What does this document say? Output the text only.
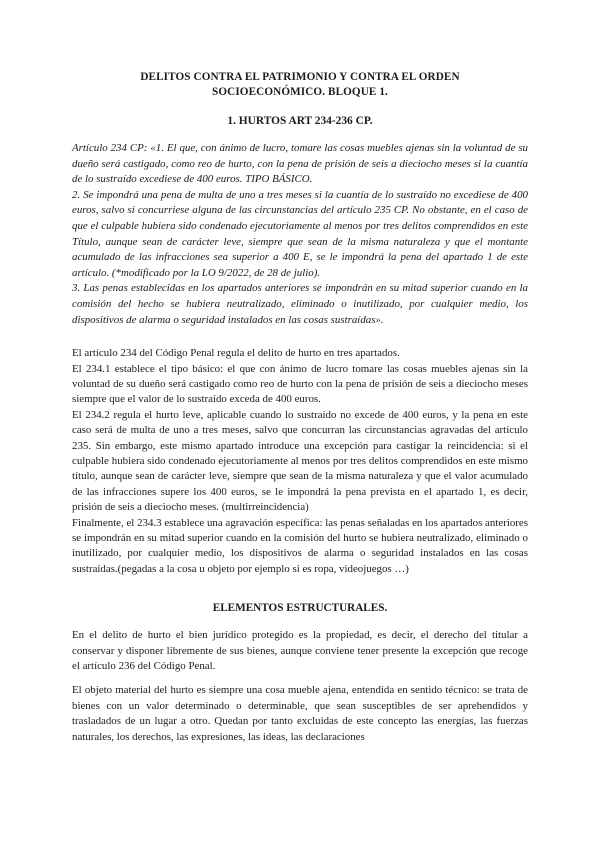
DELITOS CONTRA EL PATRIMONIO Y CONTRA EL ORDEN
SOCIOECONÓMICO. BLOQUE 1.
1. HURTOS ART 234-236 CP.

Artículo 234 CP: «1. El que, con ánimo de lucro, tomare las cosas muebles ajenas sin la voluntad de su dueño será castigado, como reo de hurto, con la pena de prisión de seis a dieciocho meses si la cuantía de lo sustraído excediese de 400 euros. TIPO BÁSICO.

2. Se impondrá una pena de multa de uno a tres meses si la cuantía de lo sustraído no excediese de 400 euros, salvo si concurriese alguna de las circunstancias del artículo 235 CP. No obstante, en el caso de que el culpable hubiera sido condenado ejecutoriamente al menos por tres delitos comprendidos en este Título, aunque sean de carácter leve, siempre que sean de la misma naturaleza y que el montante acumulado de las infracciones sea superior a 400 E, se le impondrá la pena del apartado 1 de este artículo. (*modificado por la LO 9/2022, de 28 de julio).

3. Las penas establecidas en los apartados anteriores se impondrán en su mitad superior cuando en la comisión del hecho se hubiera neutralizado, eliminado o inutilizado, por cualquier medio, los dispositivos de alarma o seguridad instalados en las cosas sustraídas».

El artículo 234 del Código Penal regula el delito de hurto en tres apartados.

El 234.1 establece el tipo básico: el que con ánimo de lucro tomare las cosas muebles ajenas sin la voluntad de su dueño será castigado como reo de hurto con la pena de prisión de seis a dieciocho meses siempre que el valor de lo sustraído exceda de 400 euros.

El 234.2 regula el hurto leve, aplicable cuando lo sustraído no excede de 400 euros, y la pena en este caso será de multa de uno a tres meses, salvo que concurran las circunstancias agravadas del artículo 235. Sin embargo, este mismo apartado introduce una excepción para castigar la reincidencia: si el culpable hubiera sido condenado ejecutoriamente al menos por tres delitos comprendidos en este mismo título, aunque sean de carácter leve, siempre que sean de la misma naturaleza y que el valor acumulado de las infracciones supere los 400 euros, se le impondrá la pena prevista en el apartado 1, es decir, prisión de seis a dieciocho meses. (multirreincidencia)

Finalmente, el 234.3 establece una agravación específica: las penas señaladas en los apartados anteriores se impondrán en su mitad superior cuando en la comisión del hurto se hubiera neutralizado, eliminado o inutilizado, por cualquier medio, los dispositivos de alarma o seguridad instalados en las cosas sustraídas.(pegadas a la cosa u objeto por ejemplo si es ropa, videojuegos …)

ELEMENTOS ESTRUCTURALES.

En el delito de hurto el bien jurídico protegido es la propiedad, es decir, el derecho del titular a conservar y disponer libremente de sus bienes, aunque conviene tener presente la excepción que recoge el artículo 236 del Código Penal.

El objeto material del hurto es siempre una cosa mueble ajena, entendida en sentido técnico: se trata de bienes con un valor determinado o determinable, que sean susceptibles de ser aprehendidos y trasladados de un lugar a otro. Quedan por tanto excluidas de este concepto las energías, las fuerzas naturales, los derechos, las expresiones, las ideas, las declaraciones
